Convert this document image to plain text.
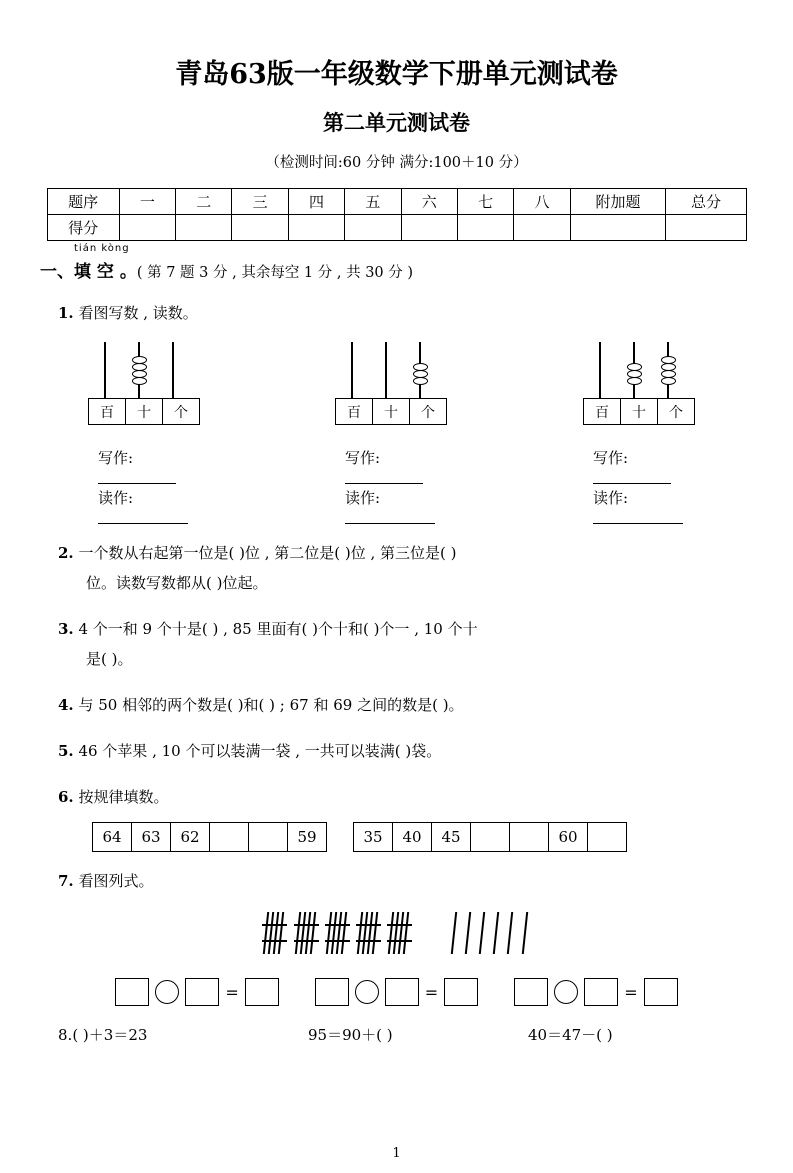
青岛63版一年级数学下册单元测试卷
第二单元测试卷
（检测时间:60 分钟 满分:100＋10 分）
题序	一	二	三	四	五	六	七	八	附加题	总分
得分										
tián kòng
一、填 空 。( 第 7 题 3 分 , 其余每空 1 分 , 共 30 分 )
1. 看图写数 , 读数。
百	十	个
写作:
读作:
百	十	个
写作:
读作:
百	十	个
写作:
读作:
2. 一个数从右起第一位是( )位 , 第二位是( )位 , 第三位是( )
位。读数写数都从( )位起。
3. 4 个一和 9 个十是( ) , 85 里面有( )个十和( )个一 , 10 个十
是( )。
4. 与 50 相邻的两个数是( )和( ) ; 67 和 69 之间的数是( )。
5. 46 个苹果 , 10 个可以装满一袋 , 一共可以装满( )袋。
6. 按规律填数。
64	63	62			59	35	40	45			60	
7. 看图列式。

=	=	=
8.( )＋3＝23	95＝90＋( )	40＝47－( )
1
